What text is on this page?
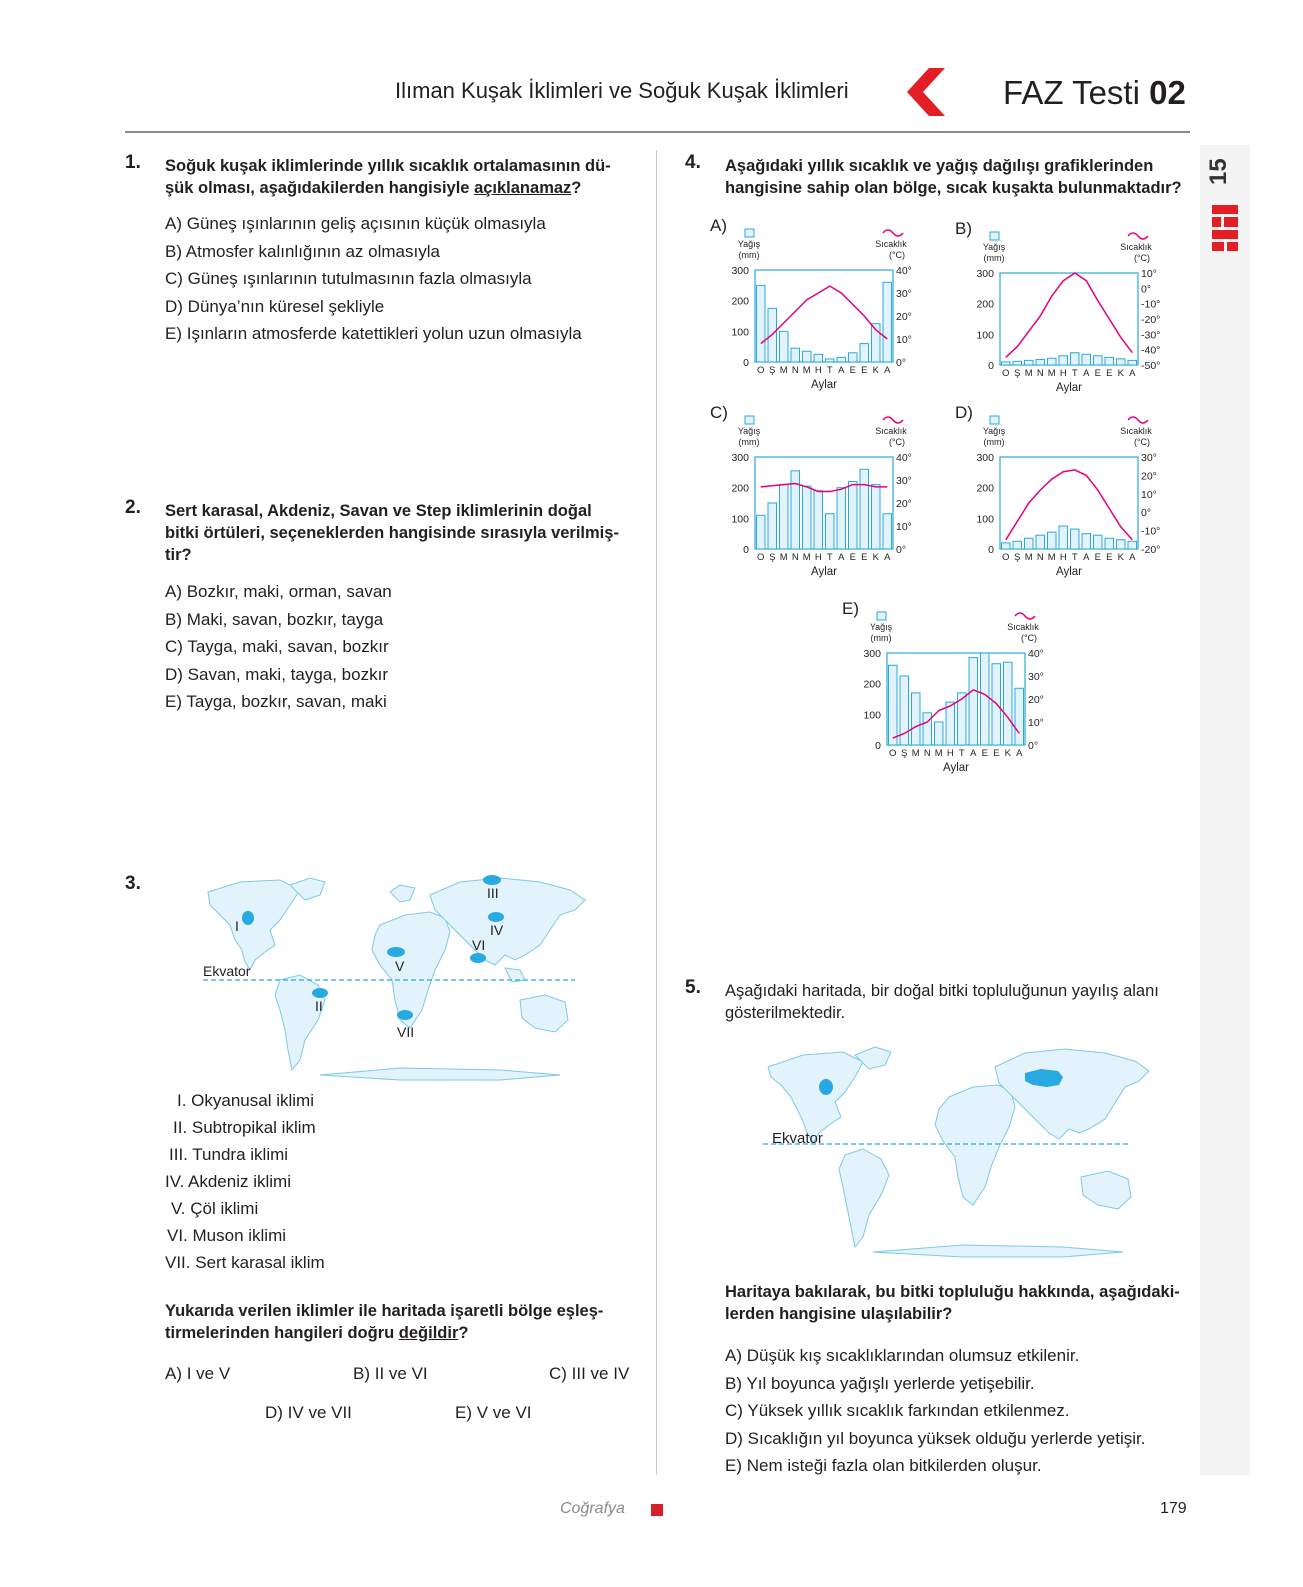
Ilıman Kuşak İklimleri ve Soğuk Kuşak İklimleri	FAZ Testi 02
15
1. Soğuk kuşak iklimlerinde yıllık sıcaklık ortalamasının dü-
şük olması, aşağıdakilerden hangisiyle açıklanamaz?
A) Güneş ışınlarının geliş açısının küçük olmasıyla
B) Atmosfer kalınlığının az olmasıyla
C) Güneş ışınlarının tutulmasının fazla olmasıyla
D) Dünya’nın küresel şekliyle
E) Işınların atmosferde katettikleri yolun uzun olmasıyla
2. Sert karasal, Akdeniz, Savan ve Step iklimlerinin doğal
bitki örtüleri, seçeneklerden hangisinde sırasıyla verilmiş-
tir?
A) Bozkır, maki, orman, savan
B) Maki, savan, bozkır, tayga
C) Tayga, maki, savan, bozkır
D) Savan, maki, tayga, bozkır
E) Tayga, bozkır, savan, maki
3.
Ekvator
I
II
III
IV
V
VI
VII
I. Okyanusal iklimi
II. Subtropikal iklim
III. Tundra iklimi
IV. Akdeniz iklimi
V. Çöl iklimi
VI. Muson iklimi
VII. Sert karasal iklim
Yukarıda verilen iklimler ile haritada işaretli bölge eşleş-
tirmelerinden hangileri doğru değildir?
A) I ve V	B) II ve VI	C) III ve IV
D) IV ve VII	E) V ve VI
4. Aşağıdaki yıllık sıcaklık ve yağış dağılışı grafiklerinden
hangisine sahip olan bölge, sıcak kuşakta bulunmaktadır?
A)
Yağış
(mm)
Sıcaklık
(°C)
0
100
200
300
0°
10°
20°
30°
40°
O Ş M N M H T A E E K A
Aylar
B)
Yağış
(mm)
Sıcaklık
(°C)
0
100
200
300
-50°
-40°
-30°
-20°
-10°
0°
10°
O Ş M N M H T A E E K A
Aylar
C)
Yağış
(mm)
Sıcaklık
(°C)
0
100
200
300
0°
10°
20°
30°
40°
O Ş M N M H T A E E K A
Aylar
D)
Yağış
(mm)
Sıcaklık
(°C)
0
100
200
300
-20°
-10°
0°
10°
20°
30°
O Ş M N M H T A E E K A
Aylar
E)
Yağış
(mm)
Sıcaklık
(°C)
0
100
200
300
0°
10°
20°
30°
40°
O Ş M N M H T A E E K A
Aylar
5. Aşağıdaki haritada, bir doğal bitki topluluğunun yayılış alanı
gösterilmektedir.
Ekvator
Haritaya bakılarak, bu bitki topluluğu hakkında, aşağıdaki-
lerden hangisine ulaşılabilir?
A) Düşük kış sıcaklıklarından olumsuz etkilenir.
B) Yıl boyunca yağışlı yerlerde yetişebilir.
C) Yüksek yıllık sıcaklık farkından etkilenmez.
D) Sıcaklığın yıl boyunca yüksek olduğu yerlerde yetişir.
E) Nem isteği fazla olan bitkilerden oluşur.
Coğrafya	179
